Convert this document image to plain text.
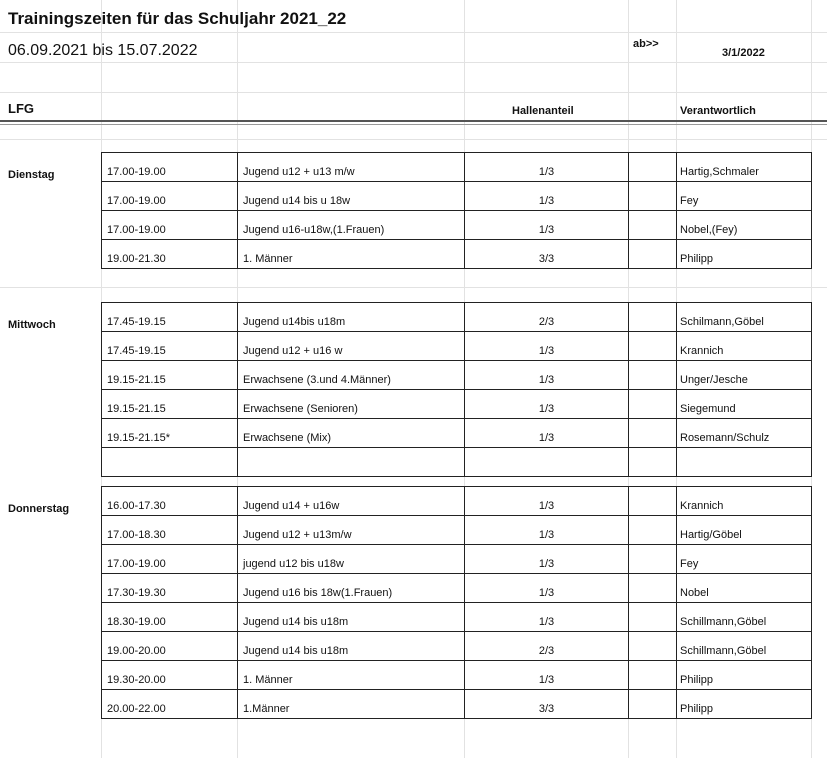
Trainingszeiten für das Schuljahr 2021_22
06.09.2021 bis 15.07.2022	ab>>
3/1/2022
LFG	Hallenanteil	Verantwortlich
Dienstag	17.00-19.00	Jugend u12 + u13 m/w	1/3		Hartig,Schmaler
17.00-19.00	Jugend u14 bis u 18w	1/3		Fey
17.00-19.00	Jugend u16-u18w,(1.Frauen)	1/3		Nobel,(Fey)
19.00-21.30	1. Männer	3/3		Philipp
Mittwoch	17.45-19.15	Jugend u14bis u18m	2/3		Schilmann,Göbel
17.45-19.15	Jugend u12 + u16 w	1/3		Krannich
19.15-21.15	Erwachsene (3.und 4.Männer)	1/3		Unger/Jesche
19.15-21.15	Erwachsene (Senioren)	1/3		Siegemund
19.15-21.15*	Erwachsene (Mix)	1/3		Rosemann/Schulz

Donnerstag	16.00-17.30	Jugend u14 + u16w	1/3		Krannich
17.00-18.30	Jugend u12 + u13m/w	1/3		Hartig/Göbel
17.00-19.00	jugend u12 bis u18w	1/3		Fey
17.30-19.30	Jugend u16 bis 18w(1.Frauen)	1/3		Nobel
18.30-19.00	Jugend u14 bis u18m	1/3		Schillmann,Göbel
19.00-20.00	Jugend u14 bis u18m	2/3		Schillmann,Göbel
19.30-20.00	1. Männer	1/3		Philipp
20.00-22.00	1.Männer	3/3		Philipp
